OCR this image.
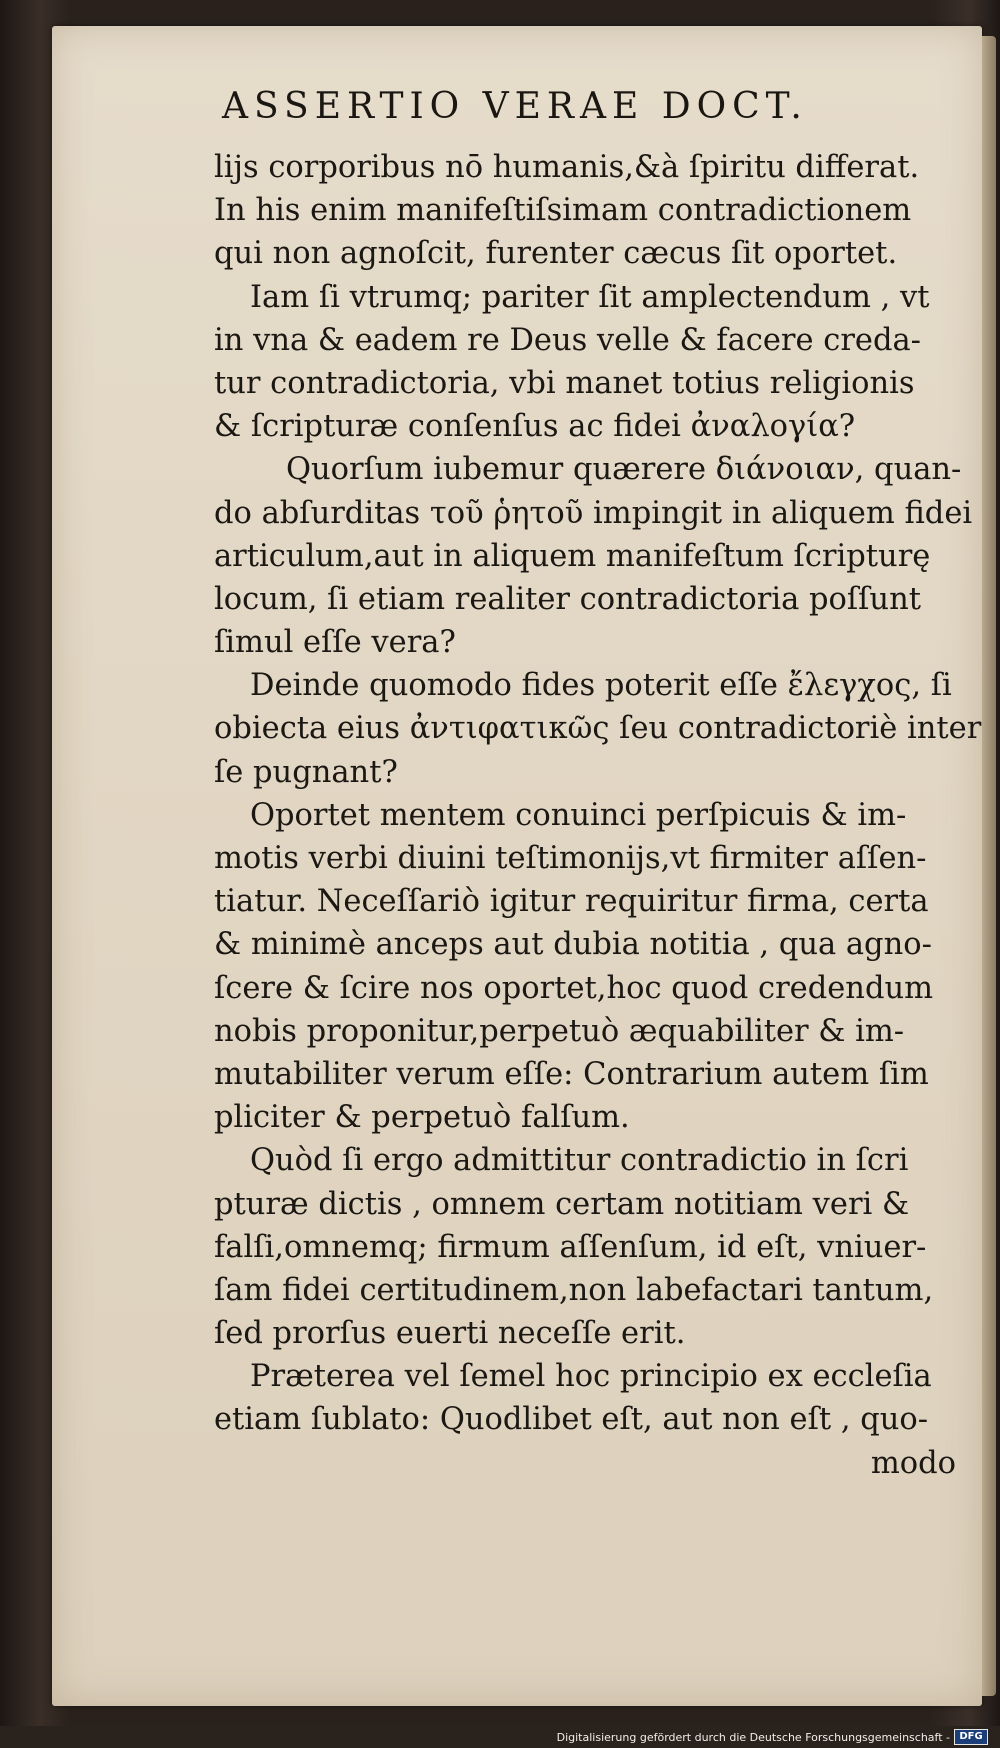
ASSERTIO VERAE DOCT.
lijs corporibus nō humanis,&à ſpiritu differat.
In his enim manifeſtiſsimam contradictionem
qui non agnoſcit, furenter cæcus ſit oportet.
Iam ſi vtrumq; pariter ſit amplectendum , vt
in vna & eadem re Deus velle & facere creda-
tur contradictoria, vbi manet totius religionis
& ſcripturæ conſenſus ac fidei ἀναλογία?
Quorſum iubemur quærere διάνοιαν, quan-
do abſurditas τοῦ ῥητοῦ impingit in aliquem fidei
articulum,aut in aliquem manifeſtum ſcripturę
locum, ſi etiam realiter contradictoria poſſunt
ſimul eſſe vera?
Deinde quomodo fides poterit eſſe ἔλεγχος, ſi
obiecta eius ἀντιφατικῶς ſeu contradictoriè inter
ſe pugnant?
Oportet mentem conuinci perſpicuis & im-
motis verbi diuini teſtimonijs,vt firmiter aſſen-
tiatur. Neceſſariò igitur requiritur firma, certa
& minimè anceps aut dubia notitia , qua agno-
ſcere & ſcire nos oportet,hoc quod credendum
nobis proponitur,perpetuò æquabiliter & im-
mutabiliter verum eſſe: Contrarium autem ſim
pliciter & perpetuò falſum.
Quòd ſi ergo admittitur contradictio in ſcri
pturæ dictis , omnem certam notitiam veri &
falſi,omnemq; firmum aſſenſum, id eſt, vniuer-
ſam fidei certitudinem,non labefactari tantum,
ſed prorſus euerti neceſſe erit.
Præterea vel ſemel hoc principio ex eccleſia
etiam ſublato: Quodlibet eſt, aut non eſt , quo-
modo
Digitalisierung gefördert durch die Deutsche Forschungsgemeinschaft - DFG
